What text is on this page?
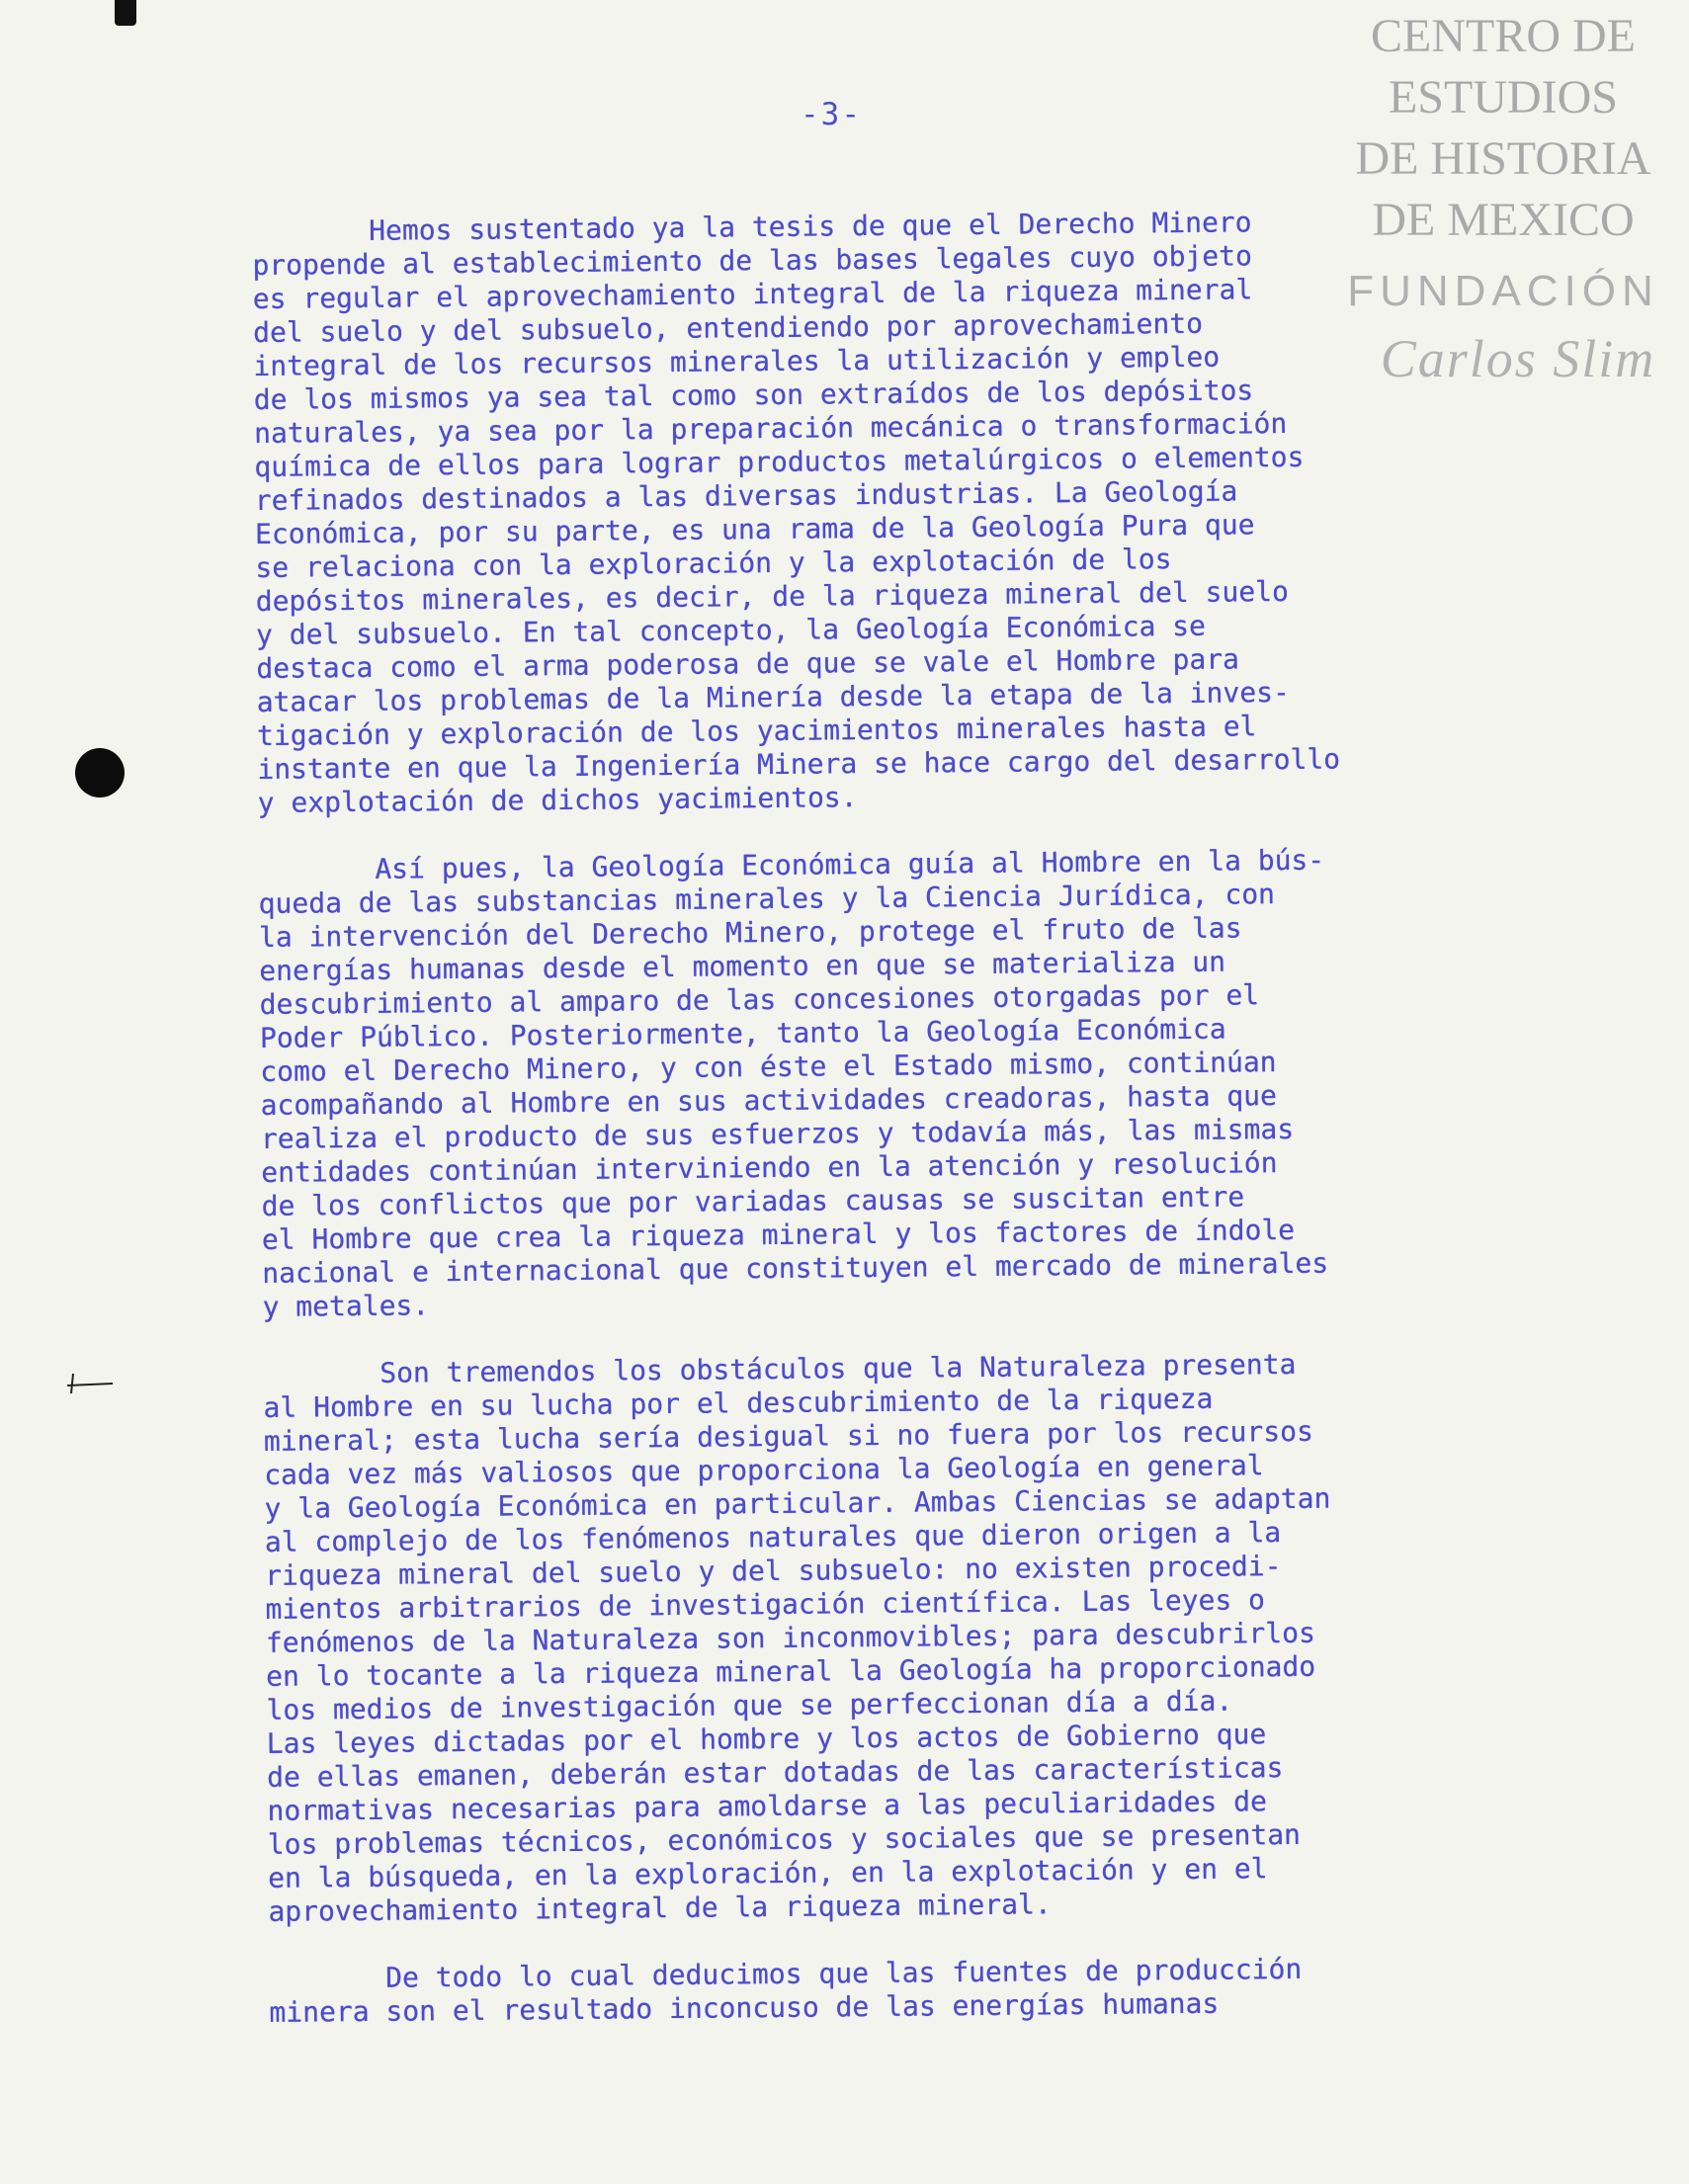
CENTRO DE
ESTUDIOS
DE HISTORIA
DE MEXICO
FUNDACIÓN
Carlos Slim
-3-
Hemos sustentado ya la tesis de que el Derecho Minero
propende al establecimiento de las bases legales cuyo objeto
es regular el aprovechamiento integral de la riqueza mineral
del suelo y del subsuelo, entendiendo por aprovechamiento
integral de los recursos minerales la utilización y empleo
de los mismos ya sea tal como son extraídos de los depósitos
naturales, ya sea por la preparación mecánica o transformación
química de ellos para lograr productos metalúrgicos o elementos
refinados destinados a las diversas industrias. La Geología
Económica, por su parte, es una rama de la Geología Pura que
se relaciona con la exploración y la explotación de los
depósitos minerales, es decir, de la riqueza mineral del suelo
y del subsuelo. En tal concepto, la Geología Económica se
destaca como el arma poderosa de que se vale el Hombre para
atacar los problemas de la Minería desde la etapa de la inves-
tigación y exploración de los yacimientos minerales hasta el
instante en que la Ingeniería Minera se hace cargo del desarrollo
y explotación de dichos yacimientos.
Así pues, la Geología Económica guía al Hombre en la bús-
queda de las substancias minerales y la Ciencia Jurídica, con
la intervención del Derecho Minero, protege el fruto de las
energías humanas desde el momento en que se materializa un
descubrimiento al amparo de las concesiones otorgadas por el
Poder Público. Posteriormente, tanto la Geología Económica
como el Derecho Minero, y con éste el Estado mismo, continúan
acompañando al Hombre en sus actividades creadoras, hasta que
realiza el producto de sus esfuerzos y todavía más, las mismas
entidades continúan interviniendo en la atención y resolución
de los conflictos que por variadas causas se suscitan entre
el Hombre que crea la riqueza mineral y los factores de índole
nacional e internacional que constituyen el mercado de minerales
y metales.
Son tremendos los obstáculos que la Naturaleza presenta
al Hombre en su lucha por el descubrimiento de la riqueza
mineral; esta lucha sería desigual si no fuera por los recursos
cada vez más valiosos que proporciona la Geología en general
y la Geología Económica en particular. Ambas Ciencias se adaptan
al complejo de los fenómenos naturales que dieron origen a la
riqueza mineral del suelo y del subsuelo: no existen procedi-
mientos arbitrarios de investigación científica. Las leyes o
fenómenos de la Naturaleza son inconmovibles; para descubrirlos
en lo tocante a la riqueza mineral la Geología ha proporcionado
los medios de investigación que se perfeccionan día a día.
Las leyes dictadas por el hombre y los actos de Gobierno que
de ellas emanen, deberán estar dotadas de las características
normativas necesarias para amoldarse a las peculiaridades de
los problemas técnicos, económicos y sociales que se presentan
en la búsqueda, en la exploración, en la explotación y en el
aprovechamiento integral de la riqueza mineral.
De todo lo cual deducimos que las fuentes de producción
minera son el resultado inconcuso de las energías humanas
